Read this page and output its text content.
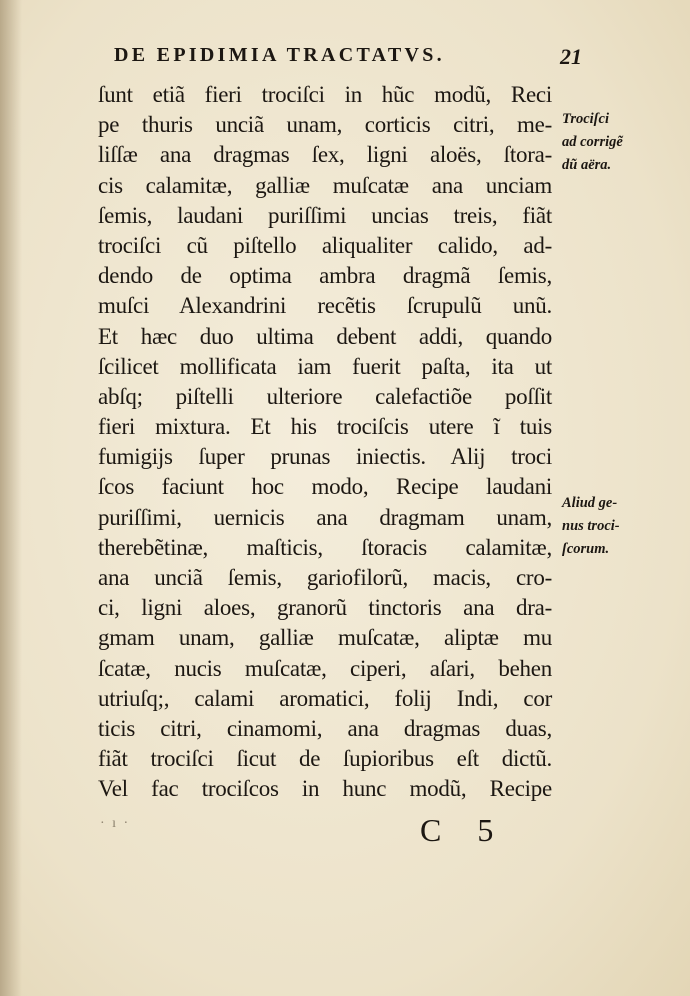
DE EPIDIMIA TRACTATVS.	21
ſunt etiã fieri trociſci in hũc modũ, Reci
pe thuris unciã unam, corticis citri, me-
liſſæ ana dragmas ſex, ligni aloës, ſtora-
cis calamitæ, galliæ muſcatæ ana unciam
ſemis, laudani puriſſimi uncias treis, fiãt
trociſci cũ piſtello aliqualiter calido, ad-
dendo de optima ambra dragmã ſemis,
muſci Alexandrini recẽtis ſcrupulũ unũ.
Et hæc duo ultima debent addi, quando
ſcilicet mollificata iam fuerit paſta, ita ut
abſq; piſtelli ulteriore calefactiõe poſſit
fieri mixtura. Et his trociſcis utere ĩ tuis
fumigijs ſuper prunas iniectis. Alij troci
ſcos faciunt hoc modo, Recipe laudani
puriſſimi, uernicis ana dragmam unam,
therebẽtinæ, maſticis, ſtoracis calamitæ,
ana unciã ſemis, gariofilorũ, macis, cro-
ci, ligni aloes, granorũ tinctoris ana dra-
gmam unam, galliæ muſcatæ, aliptæ mu
ſcatæ, nucis muſcatæ, ciperi, aſari, behen
utriuſq;, calami aromatici, folij Indi, cor
ticis citri, cinamomi, ana dragmas duas,
fiãt trociſci ſicut de ſupioribus eſt dictũ.
Vel fac trociſcos in hunc modũ, Recipe
Trociſci
ad corrigẽ
dũ aëra.
Aliud ge-
nus troci-
ſcorum.
· ı ·	C 5
